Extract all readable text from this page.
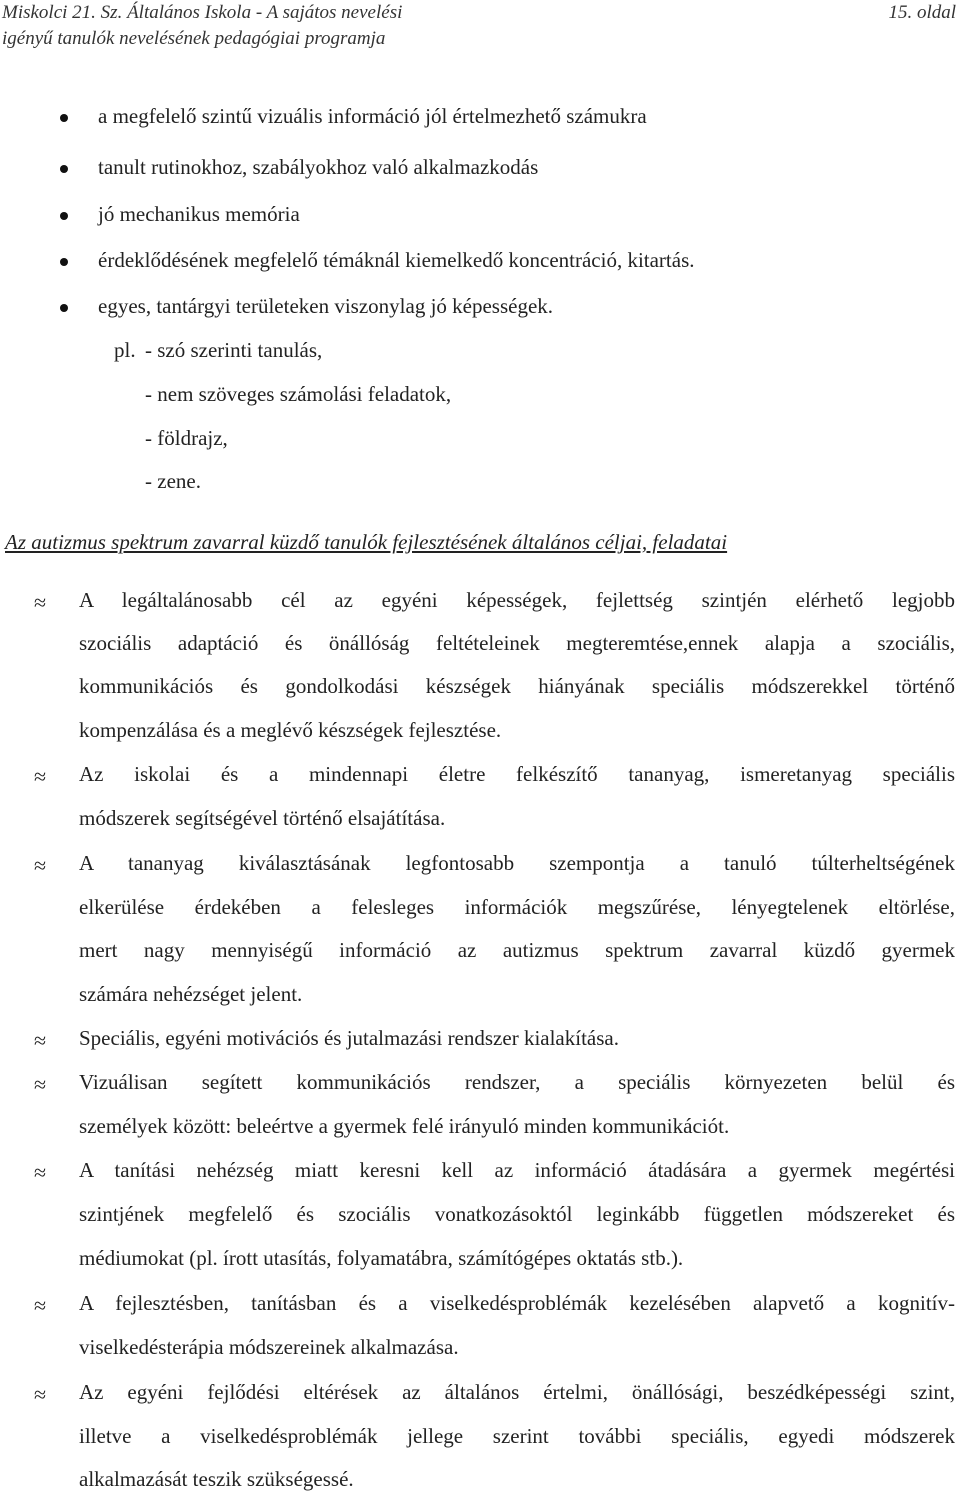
Miskolci 21. Sz. Általános Iskola - A sajátos nevelési	15. oldal
igényű tanulók nevelésének pedagógiai programja
a megfelelő szintű vizuális információ jól értelmezhető számukra
tanult rutinokhoz, szabályokhoz való alkalmazkodás
jó mechanikus memória
érdeklődésének megfelelő témáknál kiemelkedő koncentráció, kitartás.
egyes, tantárgyi területeken viszonylag jó képességek.
pl. - szó szerinti tanulás,
- nem szöveges számolási feladatok,
- földrajz,
- zene.
Az autizmus spektrum zavarral küzdő tanulók fejlesztésének általános céljai, feladatai
≈ A legáltalánosabb cél az egyéni képességek, fejlettség szintjén elérhető legjobb
szociális adaptáció és önállóság feltételeinek megteremtése,ennek alapja a szociális,
kommunikációs és gondolkodási készségek hiányának speciális módszerekkel történő
kompenzálása és a meglévő készségek fejlesztése.
≈ Az iskolai és a mindennapi életre felkészítő tananyag, ismeretanyag speciális
módszerek segítségével történő elsajátítása.
≈ A tananyag kiválasztásának legfontosabb szempontja a tanuló túlterheltségének
elkerülése érdekében a felesleges információk megszűrése, lényegtelenek eltörlése,
mert nagy mennyiségű információ az autizmus spektrum zavarral küzdő gyermek
számára nehézséget jelent.
≈ Speciális, egyéni motivációs és jutalmazási rendszer kialakítása.
≈ Vizuálisan segített kommunikációs rendszer, a speciális környezeten belül és
személyek között: beleértve a gyermek felé irányuló minden kommunikációt.
≈ A tanítási nehézség miatt keresni kell az információ átadására a gyermek megértési
szintjének megfelelő és szociális vonatkozásoktól leginkább független módszereket és
médiumokat (pl. írott utasítás, folyamatábra, számítógépes oktatás stb.).
≈ A fejlesztésben, tanításban és a viselkedésproblémák kezelésében alapvető a kognitív-
viselkedésterápia módszereinek alkalmazása.
≈ Az egyéni fejlődési eltérések az általános értelmi, önállósági, beszédképességi szint,
illetve a viselkedésproblémák jellege szerint további speciális, egyedi módszerek
alkalmazását teszik szükségessé.
